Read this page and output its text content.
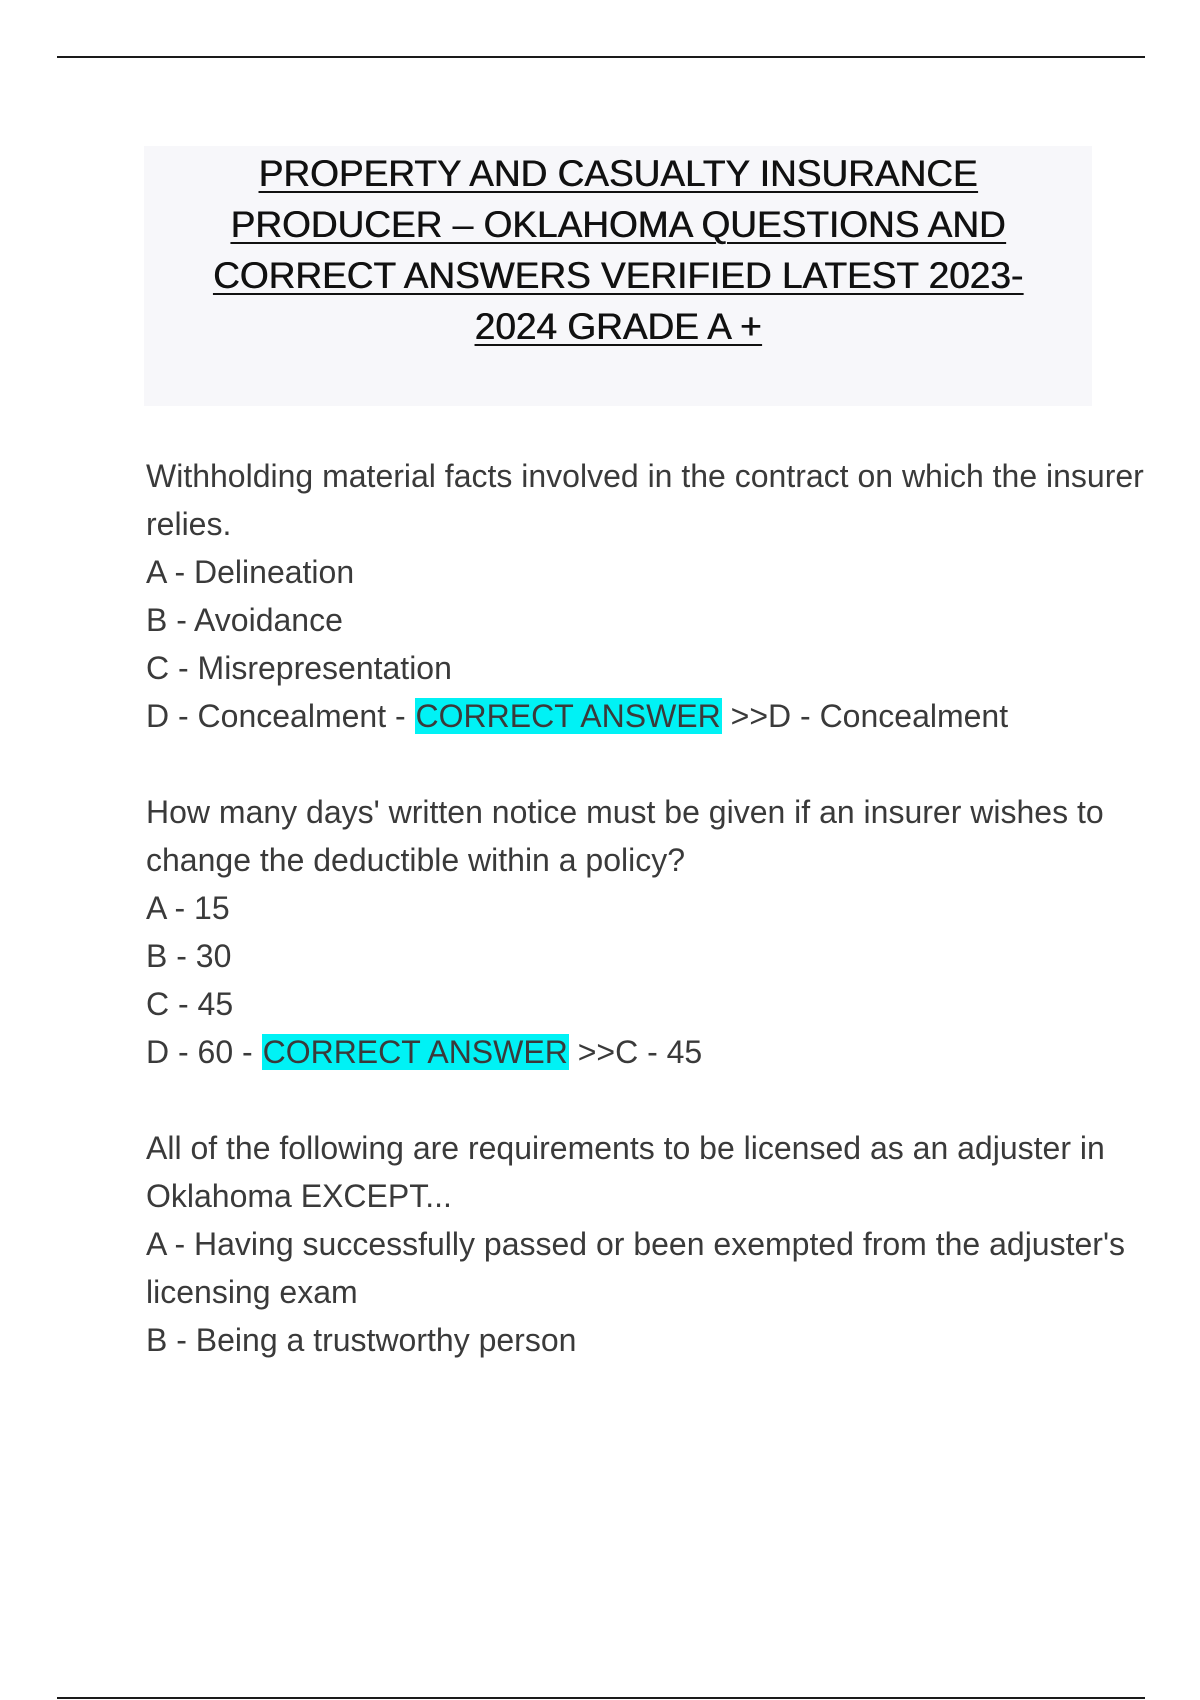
PROPERTY AND CASUALTY INSURANCE
PRODUCER – OKLAHOMA QUESTIONS AND
CORRECT ANSWERS VERIFIED LATEST 2023-
2024 GRADE A +

Withholding material facts involved in the contract on which the insurer relies.

A - Delineation

B - Avoidance

C - Misrepresentation

D - Concealment - CORRECT ANSWER >>D - Concealment

How many days' written notice must be given if an insurer wishes to change the deductible within a policy?

A - 15

B - 30

C - 45

D - 60 - CORRECT ANSWER >>C - 45

All of the following are requirements to be licensed as an adjuster in Oklahoma EXCEPT...

A - Having successfully passed or been exempted from the adjuster's licensing exam

B - Being a trustworthy person
